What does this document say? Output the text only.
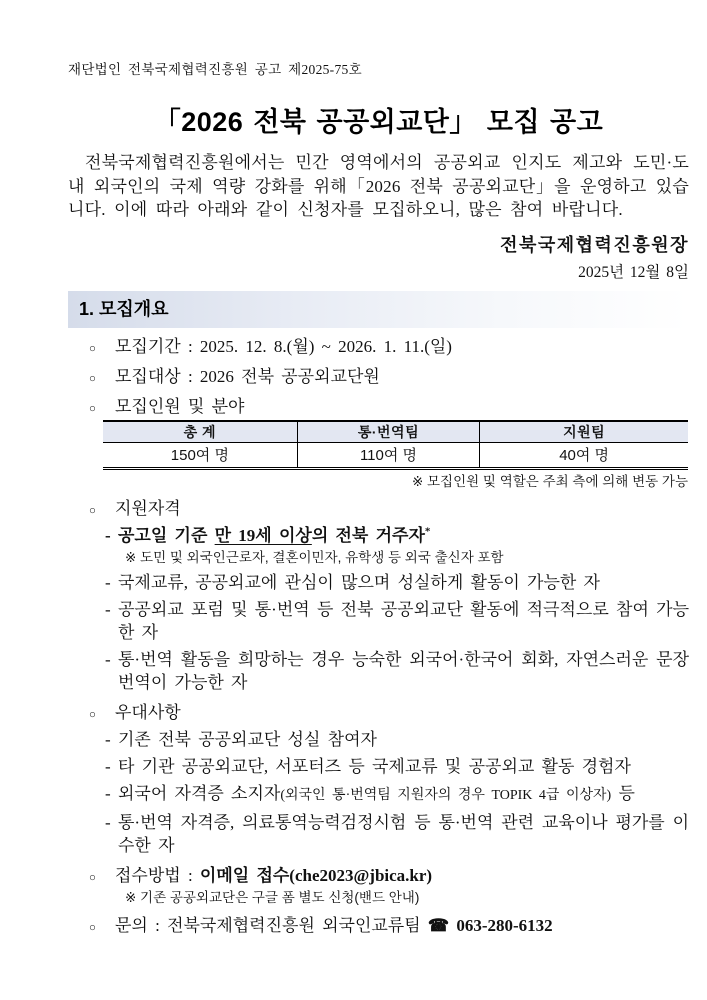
재단법인 전북국제협력진흥원 공고 제2025-75호
「2026 전북 공공외교단」 모집 공고

전북국제협력진흥원에서는 민간 영역에서의 공공외교 인지도 제고와 도민·도내 외국인의 국제 역량 강화를 위해「2026 전북 공공외교단」을 운영하고 있습니다. 이에 따라 아래와 같이 신청자를 모집하오니, 많은 참여 바랍니다.

전북국제협력진흥원장
2025년 12월 8일
1. 모집개요
○ 모집기간 : 2025. 12. 8.(월) ~ 2026. 1. 11.(일)
○ 모집대상 : 2026 전북 공공외교단원
○ 모집인원 및 분야
총 계	통·번역팀	지원팀
150여 명	110여 명	40여 명
※ 모집인원 및 역할은 주최 측에 의해 변동 가능
○ 지원자격
- 공고일 기준 만 19세 이상의 전북 거주자*
※ 도민 및 외국인근로자, 결혼이민자, 유학생 등 외국 출신자 포함
- 국제교류, 공공외교에 관심이 많으며 성실하게 활동이 가능한 자
- 공공외교 포럼 및 통·번역 등 전북 공공외교단 활동에 적극적으로 참여 가능한 자
- 통·번역 활동을 희망하는 경우 능숙한 외국어·한국어 회화, 자연스러운 문장 번역이 가능한 자
○ 우대사항
- 기존 전북 공공외교단 성실 참여자
- 타 기관 공공외교단, 서포터즈 등 국제교류 및 공공외교 활동 경험자
- 외국어 자격증 소지자(외국인 통·번역팀 지원자의 경우 TOPIK 4급 이상자) 등
- 통·번역 자격증, 의료통역능력검정시험 등 통·번역 관련 교육이나 평가를 이수한 자
○ 접수방법 : 이메일 접수(che2023@jbica.kr)
※ 기존 공공외교단은 구글 폼 별도 신청(밴드 안내)
○ 문의 : 전북국제협력진흥원 외국인교류팀 ☎ 063-280-6132
